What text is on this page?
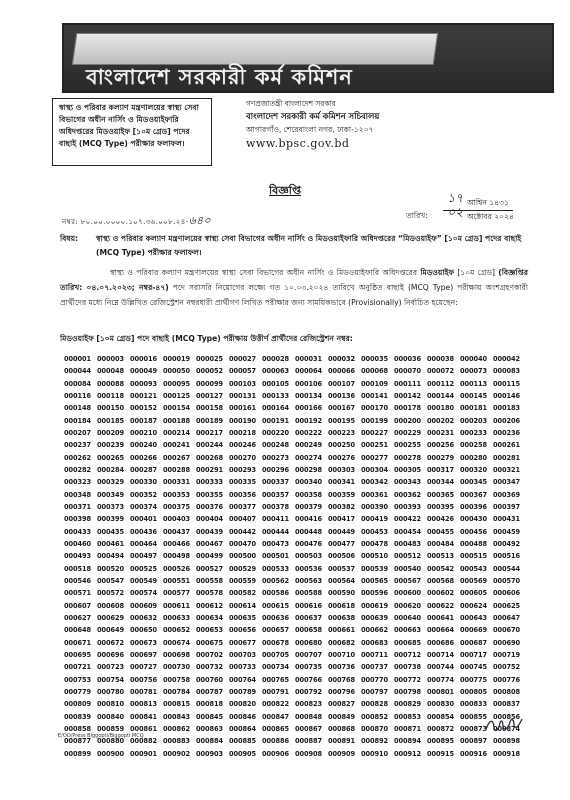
বাংলাদেশ সরকারী কর্ম কমিশন
স্বাস্থ্য ও পরিবার কল্যাণ মন্ত্রণালয়ের স্বাস্থ্য সেবা বিভাগের অধীন নার্সিং ও মিডওয়াইফারি অধিদপ্তরের মিডওয়াইফ [১০ম গ্রেড] পদের বাছাই (MCQ Type) পরীক্ষার ফলাফল।
গণপ্রজাতন্ত্রী বাংলাদেশ সরকার
বাংলাদেশ সরকারী কর্ম কমিশন সচিবালয়
আগারগাঁও, শেরেবাংলা নগর, ঢাকা-১২০৭
www.bpsc.gov.bd
বিজ্ঞপ্তি
নম্বর: ৮০.০০.০০০০.১০৭.৩৬.০০৮.২৪-৬৪০	তারিখ:
১৭ আশ্বিন ১৪৩১
০২ অক্টোবর ২০২৪
বিষয়:	স্বাস্থ্য ও পরিবার কল্যাণ মন্ত্রণালয়ের স্বাস্থ্য সেবা বিভাগের অধীন নার্সিং ও মিডওয়াইফারি অধিদপ্তরের “মিডওয়াইফ” [১০ম গ্রেড] পদের বাছাই (MCQ Type) পরীক্ষার ফলাফল।
স্বাস্থ্য ও পরিবার কল্যাণ মন্ত্রণালয়ের স্বাস্থ্য সেবা বিভাগের অধীন নার্সিং ও মিডওয়াইফারি অধিদপ্তরের মিডওয়াইফ [১০ম গ্রেড] (বিজ্ঞপ্তির তারিখ: ০৪.০৭.২০২৩; নম্বর-৪৭) পদে সরাসরি নিয়োগের লক্ষ্যে গত ১০.০৩.২০২৪ তারিখে অনুষ্ঠিত বাছাই (MCQ Type) পরীক্ষায় অংশগ্রহণকারী প্রার্থীদের মধ্যে নিম্নে উল্লিখিত রেজিস্ট্রেশন নম্বরধারী প্রার্থীগণ লিখিত পরীক্ষার জন্য সাময়িকভাবে (Provisionally) নির্বাচিত হয়েছেন:
মিডওয়াইফ [১০ম গ্রেড] পদে বাছাই (MCQ Type) পরীক্ষায় উত্তীর্ণ প্রার্থীদের রেজিস্ট্রেশন নম্বর:
000001 000003 000016 000019 000025 000027 000028 000031 000032 000035 000036 000038 000040 000042
000044 000048 000049 000050 000052 000057 000063 000064 000066 000068 000070 000072 000073 000083
000084 000088 000093 000095 000099 000103 000105 000106 000107 000109 000111 000112 000113 000115
000116 000118 000121 000125 000127 000131 000133 000134 000136 000141 000142 000144 000145 000146
000148 000150 000152 000154 000158 000161 000164 000166 000167 000170 000178 000180 000181 000183
000184 000185 000187 000188 000189 000190 000191 000192 000195 000199 000200 000202 000203 000206
000207 000209 000210 000214 000217 000218 000220 000222 000223 000227 000229 000231 000233 000236
000237 000239 000240 000241 000244 000246 000248 000249 000250 000251 000255 000256 000258 000261
000262 000265 000266 000267 000268 000270 000273 000274 000276 000277 000278 000279 000280 000281
000282 000284 000287 000288 000291 000293 000296 000298 000303 000304 000305 000317 000320 000321
000323 000329 000330 000331 000333 000335 000337 000340 000341 000342 000343 000344 000345 000347
000348 000349 000352 000353 000355 000356 000357 000358 000359 000361 000362 000365 000367 000369
000371 000373 000374 000375 000376 000377 000378 000379 000382 000390 000393 000395 000396 000397
000398 000399 000401 000403 000404 000407 000411 000416 000417 000419 000422 000426 000430 000431
000433 000435 000436 000437 000439 000442 000444 000448 000449 000453 000454 000455 000456 000459
000460 000461 000464 000466 000467 000470 000473 000476 000477 000478 000483 000484 000488 000492
000493 000494 000497 000498 000499 000500 000501 000503 000506 000510 000512 000513 000515 000516
000518 000520 000525 000526 000527 000529 000533 000536 000537 000539 000540 000542 000543 000544
000546 000547 000549 000551 000558 000559 000562 000563 000564 000565 000567 000568 000569 000570
000571 000572 000574 000577 000578 000582 000586 000588 000590 000596 000600 000602 000605 000606
000607 000608 000609 000611 000612 000614 000615 000616 000618 000619 000620 000622 000624 000625
000627 000629 000632 000633 000634 000635 000636 000637 000638 000639 000640 000641 000643 000647
000648 000649 000650 000652 000653 000656 000657 000658 000661 000662 000663 000664 000669 000670
000671 000672 000673 000674 000675 000677 000678 000680 000682 000683 000685 000686 000687 000690
000695 000696 000697 000698 000702 000703 000705 000707 000710 000711 000712 000714 000717 000719
000721 000723 000727 000730 000732 000733 000734 000735 000736 000737 000738 000744 000745 000752
000753 000754 000756 000758 000760 000764 000765 000766 000768 000770 000772 000774 000775 000776
000779 000780 000781 000784 000787 000789 000791 000792 000796 000797 000798 000801 000805 000808
000809 000810 000813 000815 000818 000820 000822 000823 000827 000828 000829 000830 000833 000837
000839 000840 000841 000843 000845 000846 000847 000848 000849 000852 000853 000854 000855 000856
000858 000859 000861 000862 000863 000864 000865 000867 000868 000870 000871 000872 000873 000874
000877 000880 000882 000883 000884 000885 000886 000887 000891 000892 000894 000895 000897 000898
000899 000900 000901 000902 000903 000905 000906 000908 000909 000910 000912 000915 000916 000918
E/OO/Press Biggopti/Biggopti MCQ
